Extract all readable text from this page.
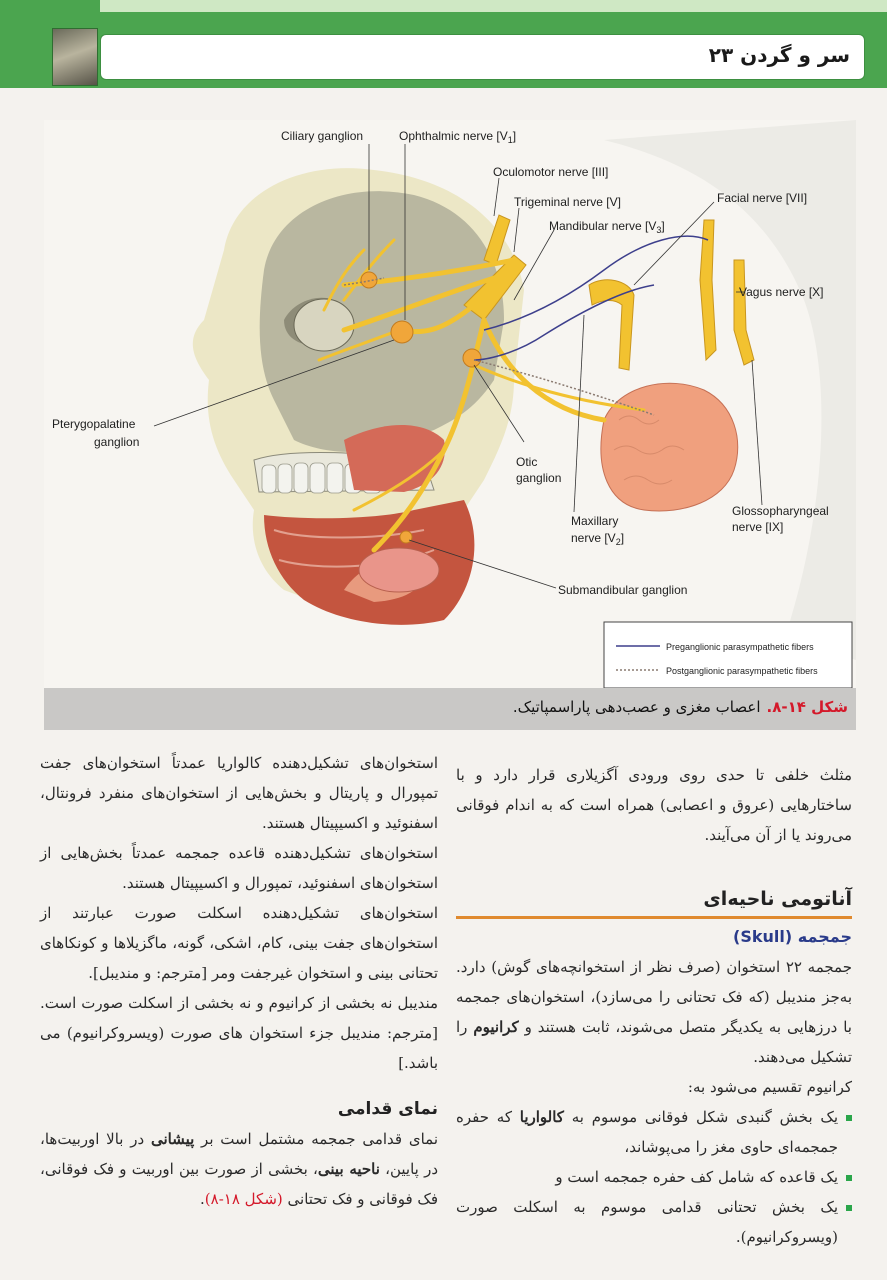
سر و گردن ۲۳
Ciliary ganglion	Ophthalmic nerve $[V_1]$
Oculomotor nerve [III]
Trigeminal nerve [V]
Mandibular nerve $[V_3]$
Facial nerve [VII]
Vagus nerve [X]
Pterygopalatine
ganglion
Otic
ganglion
Maxillary
nerve $[V_2]$
Glossopharyngeal
nerve [IX]
Submandibular ganglion
Preganglionic parasympathetic fibers
Postganglionic parasympathetic fibers
شکل ۱۴-۸.اعصاب مغزی و عصب‌دهی پاراسمپاتیک.

مثلث خلفی تا حدی روی ورودی آگزیلاری قرار دارد و با ساختارهایی (عروق و اعصابی) همراه است که به اندام فوقانی می‌روند یا از آن می‌آیند.

آناتومی ناحیه‌ای
جمجمه (Skull)

جمجمه ۲۲ استخوان (صرف نظر از استخوانچه‌های گوش) دارد. به‌جز مندیبل (که فک تحتانی را می‌سازد)، استخوان‌های جمجمه با درزهایی به یکدیگر متصل می‌شوند، ثابت هستند و کرانیوم را تشکیل می‌دهند.

کرانیوم تقسیم می‌شود به:

یک بخش گنبدی شکل فوقانی موسوم به کالواریا که حفره جمجمه‌ای حاوی مغز را می‌پوشاند،
یک قاعده که شامل کف حفره جمجمه است و
یک بخش تحتانی قدامی موسوم به اسکلت صورت (ویسروکرانیوم).

استخوان‌های تشکیل‌دهنده کالواریا عمدتاً استخوان‌های جفت تمپورال و پاریتال و بخش‌هایی از استخوان‌های منفرد فرونتال، اسفنوئید و اکسیپیتال هستند.

استخوان‌های تشکیل‌دهنده قاعده جمجمه عمدتاً بخش‌هایی از استخوان‌های اسفنوئید، تمپورال و اکسیپیتال هستند.

استخوان‌های تشکیل‌دهنده اسکلت صورت عبارتند از استخوان‌های جفت بینی، کام، اشکی، گونه، ماگزیلاها و کونکاهای تحتانی بینی و استخوان غیرجفت ومر [مترجم: و مندیبل].

مندیبل نه بخشی از کرانیوم و نه بخشی از اسکلت صورت است. [مترجم: مندیبل جزء استخوان های صورت (ویسروکرانیوم) می باشد.]

نمای قدامی

نمای قدامی جمجمه مشتمل است بر پیشانی در بالا اوربیت‌ها، در پایین، ناحیه بینی، بخشی از صورت بین اوربیت و فک فوقانی، فک فوقانی و فک تحتانی (شکل ۱۸-۸).
